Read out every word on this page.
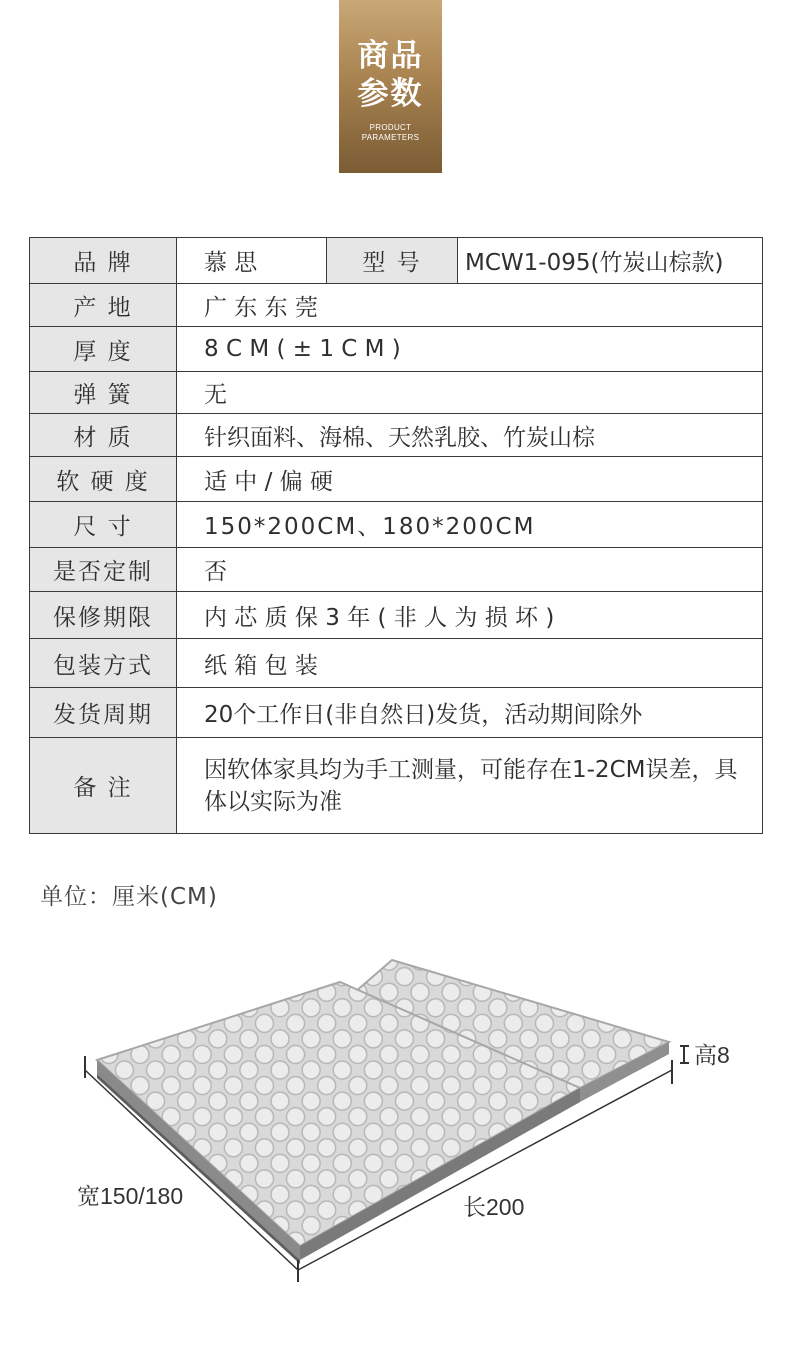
商品
参数
PRODUCT
PARAMETERS
品 牌	慕 思	型 号	MCW1-095(竹炭山棕款)
产 地	广 东 东 莞		
厚 度	8 C M ( ± 1 C M )		
弹 簧	无		
材 质	针织面料、海棉、天然乳胶、竹炭山棕		
软 硬 度	适 中 / 偏 硬		
尺 寸	150*200CM、180*200CM		
是否定制	否		
保修期限	内 芯 质 保 3 年 ( 非 人 为 损 坏 )		
包装方式	纸 箱 包 装		
发货周期	20个工作日(非自然日)发货，活动期间除外		
备 注	因软体家具均为手工测量，可能存在1-2CM误差，具体以实际为准		
单位：厘米(CM)
高8
宽150/180	长200
